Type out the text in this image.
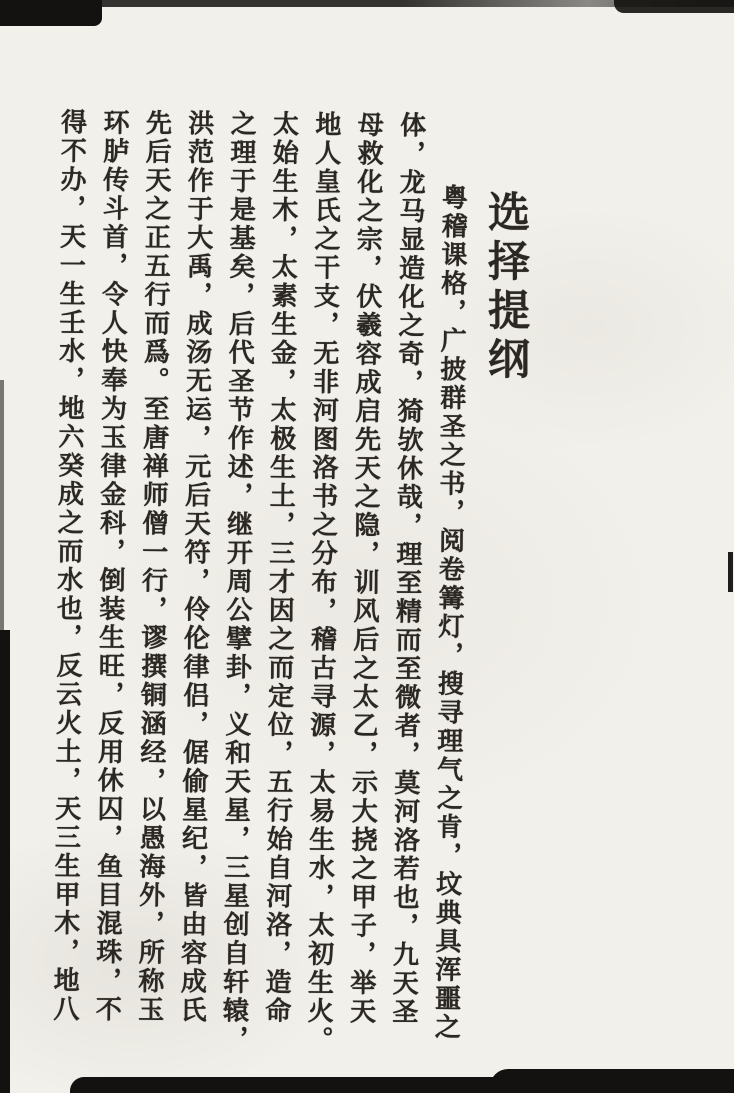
选择提纲
粤稽课格，广披群圣之书，阅卷篝灯，搜寻理气之肯，坟典具浑噩之
体，龙马显造化之奇，猗欤休哉，理至精而至微者，莫河洛若也，九天圣
母救化之宗，伏羲容成启先天之隐，训风后之太乙，示大挠之甲子，举天
地人皇氏之干支，无非河图洛书之分布，稽古寻源，太易生水，太初生火。
太始生木，太素生金，太极生土，三才因之而定位，五行始自河洛，造命
之理于是基矣，后代圣节作述，继开周公擘卦，义和天星，三星创自轩辕，
洪范作于大禹，成汤无运，元后天符，伶伦律侣，倨偷星纪，皆由容成氏
先后天之正五行而爲。至唐禅师僧一行，谬撰铜涵经，以愚海外，所称玉
环胪传斗首，令人快奉为玉律金科，倒装生旺，反用休囚，鱼目混珠，不
得不办，天一生壬水，地六癸成之而水也，反云火土，天三生甲木，地八
